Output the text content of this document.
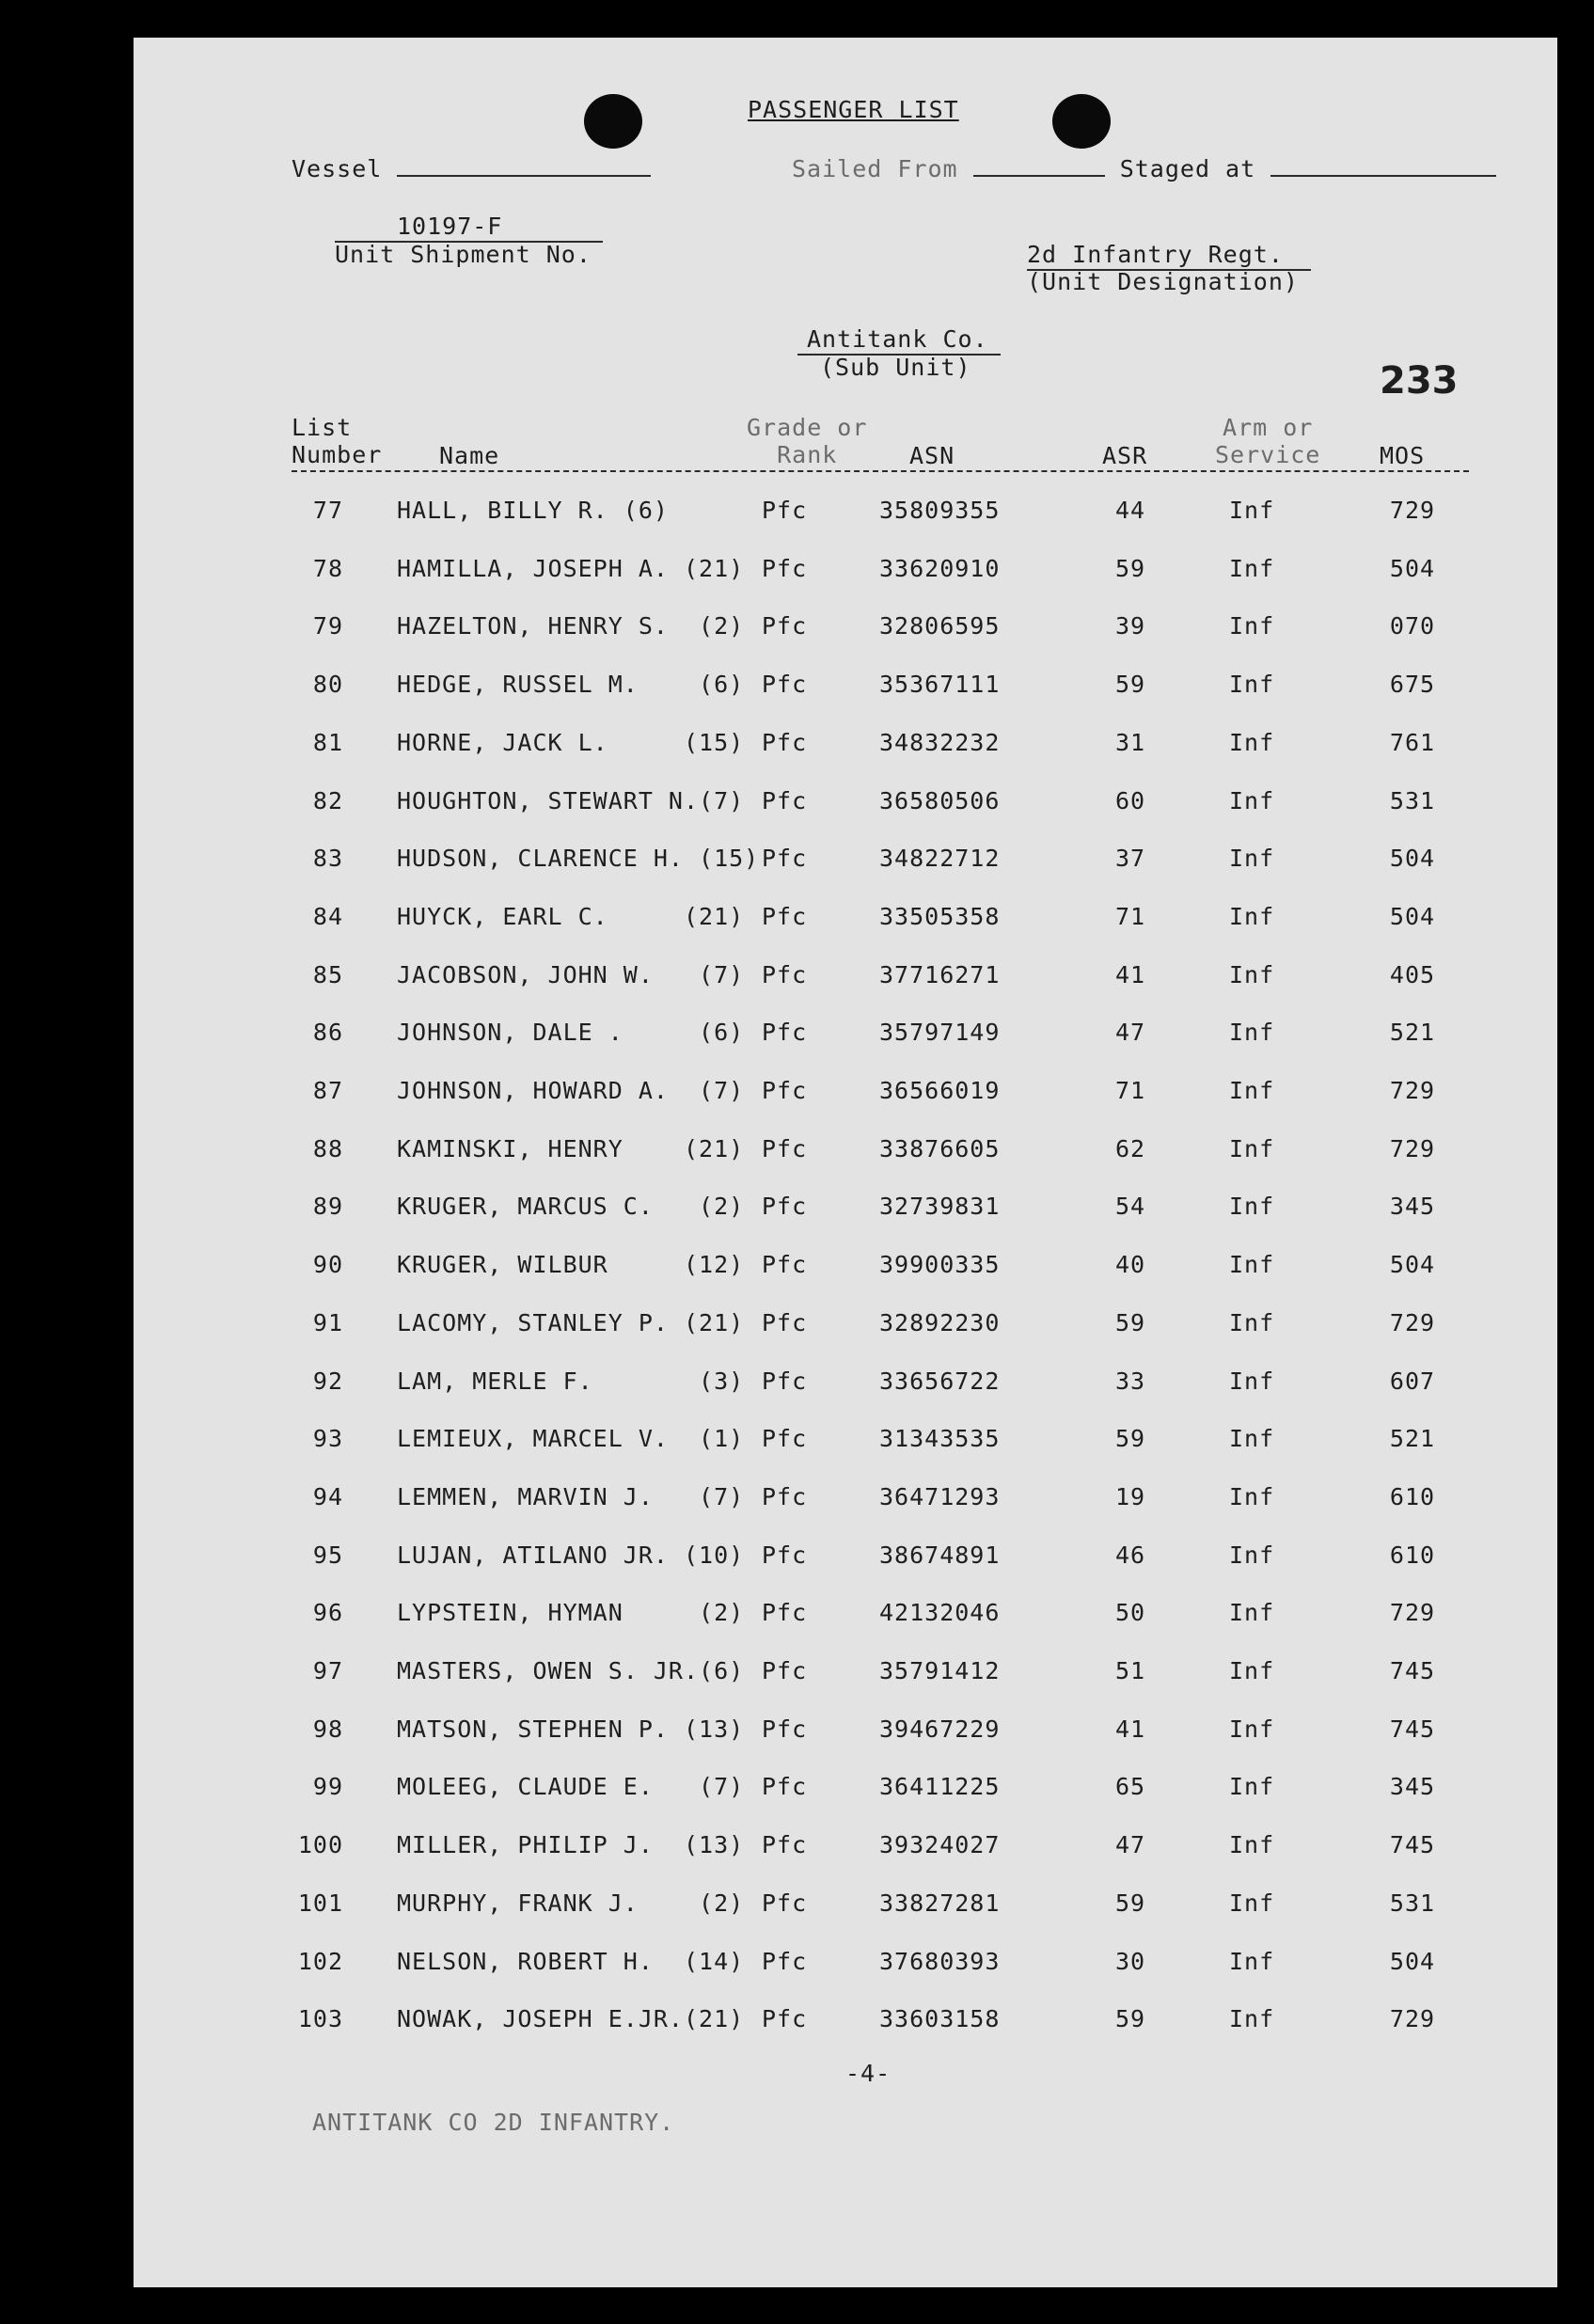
PASSENGER LIST
Vessel	Sailed From	Staged at
10197-F
Unit Shipment No.	2d Infantry Regt.
(Unit Designation)
Antitank Co.
(Sub Unit)	233
List
Number Name
Grade or
Rank	ASN	ASR
Arm or
Service	MOS
77 HALL, BILLY R. (6)	Pfc	35809355	44	Inf	729
78 HAMILLA, JOSEPH A. (21) Pfc	33620910	59	Inf	504
79 HAZELTON, HENRY S.  (2) Pfc	32806595	39	Inf	070
80 HEDGE, RUSSEL M.    (6) Pfc	35367111	59	Inf	675
81 HORNE, JACK L.     (15) Pfc	34832232	31	Inf	761
82 HOUGHTON, STEWART N.(7) Pfc	36580506	60	Inf	531
83 HUDSON, CLARENCE H. (15) Pfc	34822712	37	Inf	504
84 HUYCK, EARL C.     (21) Pfc	33505358	71	Inf	504
85 JACOBSON, JOHN W.   (7) Pfc	37716271	41	Inf	405
86 JOHNSON, DALE .     (6) Pfc	35797149	47	Inf	521
87 JOHNSON, HOWARD A.  (7) Pfc	36566019	71	Inf	729
88 KAMINSKI, HENRY    (21) Pfc	33876605	62	Inf	729
89 KRUGER, MARCUS C.   (2) Pfc	32739831	54	Inf	345
90 KRUGER, WILBUR     (12) Pfc	39900335	40	Inf	504
91 LACOMY, STANLEY P. (21) Pfc	32892230	59	Inf	729
92 LAM, MERLE F.       (3) Pfc	33656722	33	Inf	607
93 LEMIEUX, MARCEL V.  (1) Pfc	31343535	59	Inf	521
94 LEMMEN, MARVIN J.   (7) Pfc	36471293	19	Inf	610
95 LUJAN, ATILANO JR. (10) Pfc	38674891	46	Inf	610
96 LYPSTEIN, HYMAN     (2) Pfc	42132046	50	Inf	729
97 MASTERS, OWEN S. JR.(6) Pfc	35791412	51	Inf	745
98 MATSON, STEPHEN P. (13) Pfc	39467229	41	Inf	745
99 MOLEEG, CLAUDE E.   (7) Pfc	36411225	65	Inf	345
100 MILLER, PHILIP J.  (13) Pfc	39324027	47	Inf	745
101 MURPHY, FRANK J.    (2) Pfc	33827281	59	Inf	531
102 NELSON, ROBERT H.  (14) Pfc	37680393	30	Inf	504
103 NOWAK, JOSEPH E.JR.(21) Pfc	33603158	59	Inf	729
-4-
ANTITANK CO 2D INFANTRY.
